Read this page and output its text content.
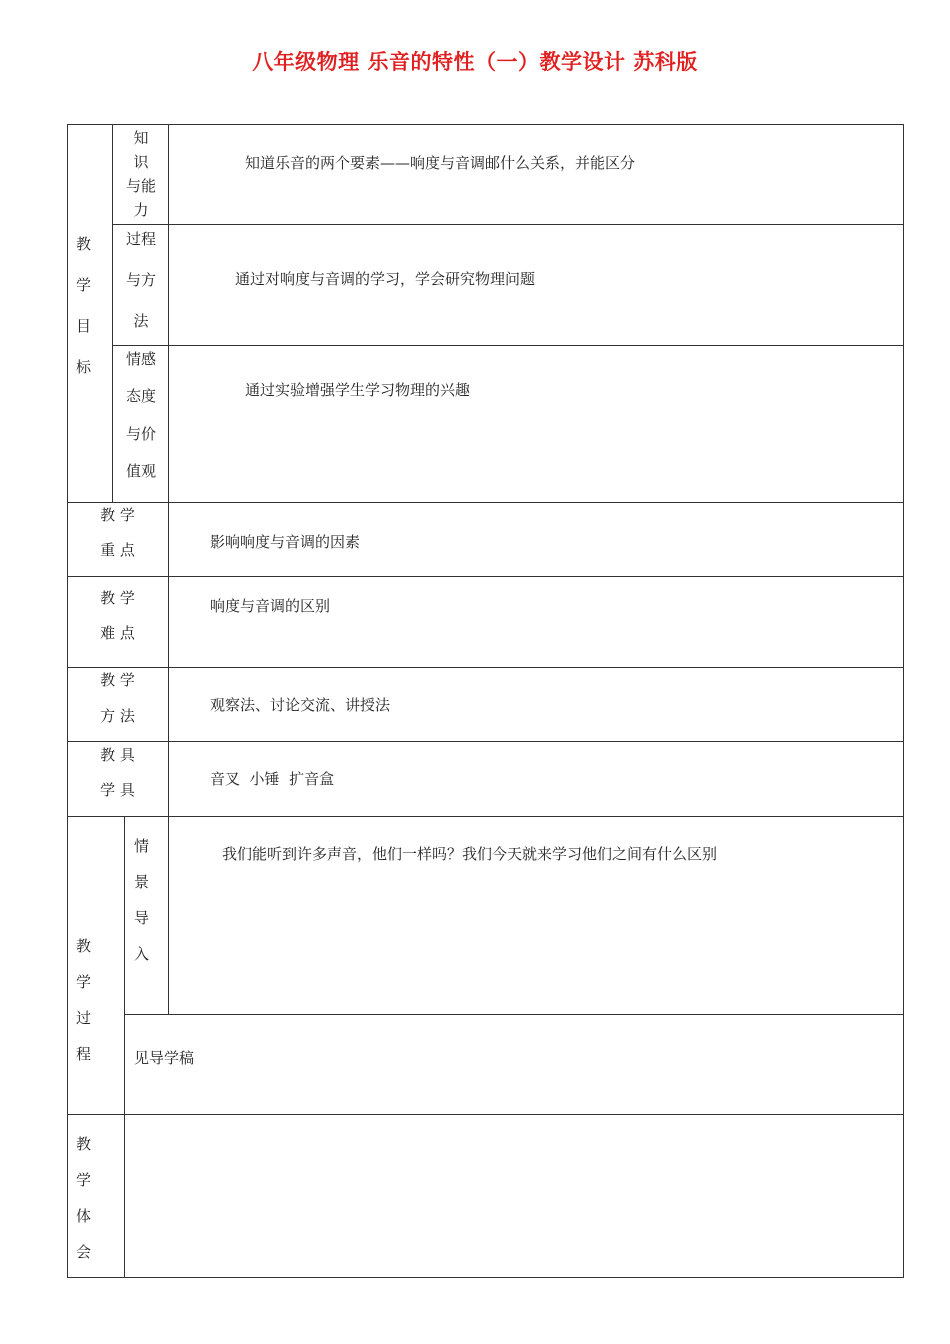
八年级物理 乐音的特性（一）教学设计 苏科版
教
学
目
标
知
识
与能
力
知道乐音的两个要素——响度与音调邮什么关系，并能区分
过程
与方
法
通过对响度与音调的学习，学会研究物理问题
情感
态度
与价
值观
通过实验增强学生学习物理的兴趣
教 学
重 点	影响响度与音调的因素
教 学
难 点
响度与音调的区别
教 学
方 法
观察法、讨论交流、讲授法
教 具
学 具
音叉  小锤  扩音盒
教
学
过
程
情
景
导
入
我们能听到许多声音，他们一样吗？我们今天就来学习他们之间有什么区别
见导学稿
教
学
体
会
